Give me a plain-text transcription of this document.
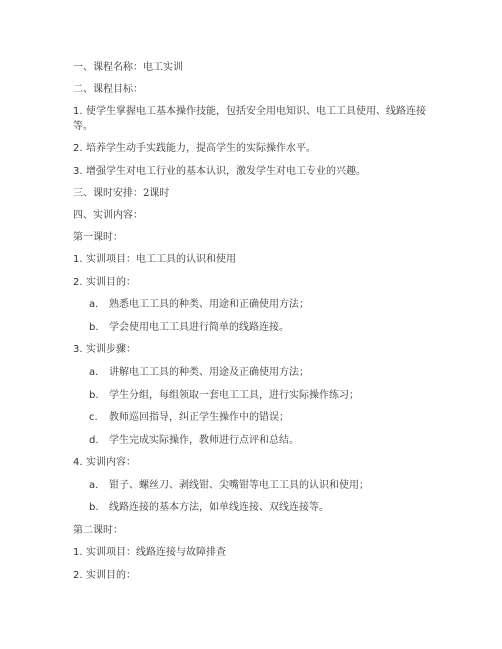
一、课程名称：电工实训
二、课程目标：
1. 使学生掌握电工基本操作技能，包括安全用电知识、电工工具使用、线路连接
等。
2. 培养学生动手实践能力，提高学生的实际操作水平。
3. 增强学生对电工行业的基本认识，激发学生对电工专业的兴趣。
三、课时安排：2课时
四、实训内容：
第一课时：
1. 实训项目：电工工具的认识和使用
2. 实训目的：
a. 熟悉电工工具的种类、用途和正确使用方法；
b. 学会使用电工工具进行简单的线路连接。
3. 实训步骤：
a. 讲解电工工具的种类、用途及正确使用方法；
b. 学生分组，每组领取一套电工工具，进行实际操作练习；
c. 教师巡回指导，纠正学生操作中的错误；
d. 学生完成实际操作，教师进行点评和总结。
4. 实训内容：
a. 钳子、螺丝刀、剥线钳、尖嘴钳等电工工具的认识和使用；
b. 线路连接的基本方法，如单线连接、双线连接等。
第二课时：
1. 实训项目：线路连接与故障排查
2. 实训目的：
